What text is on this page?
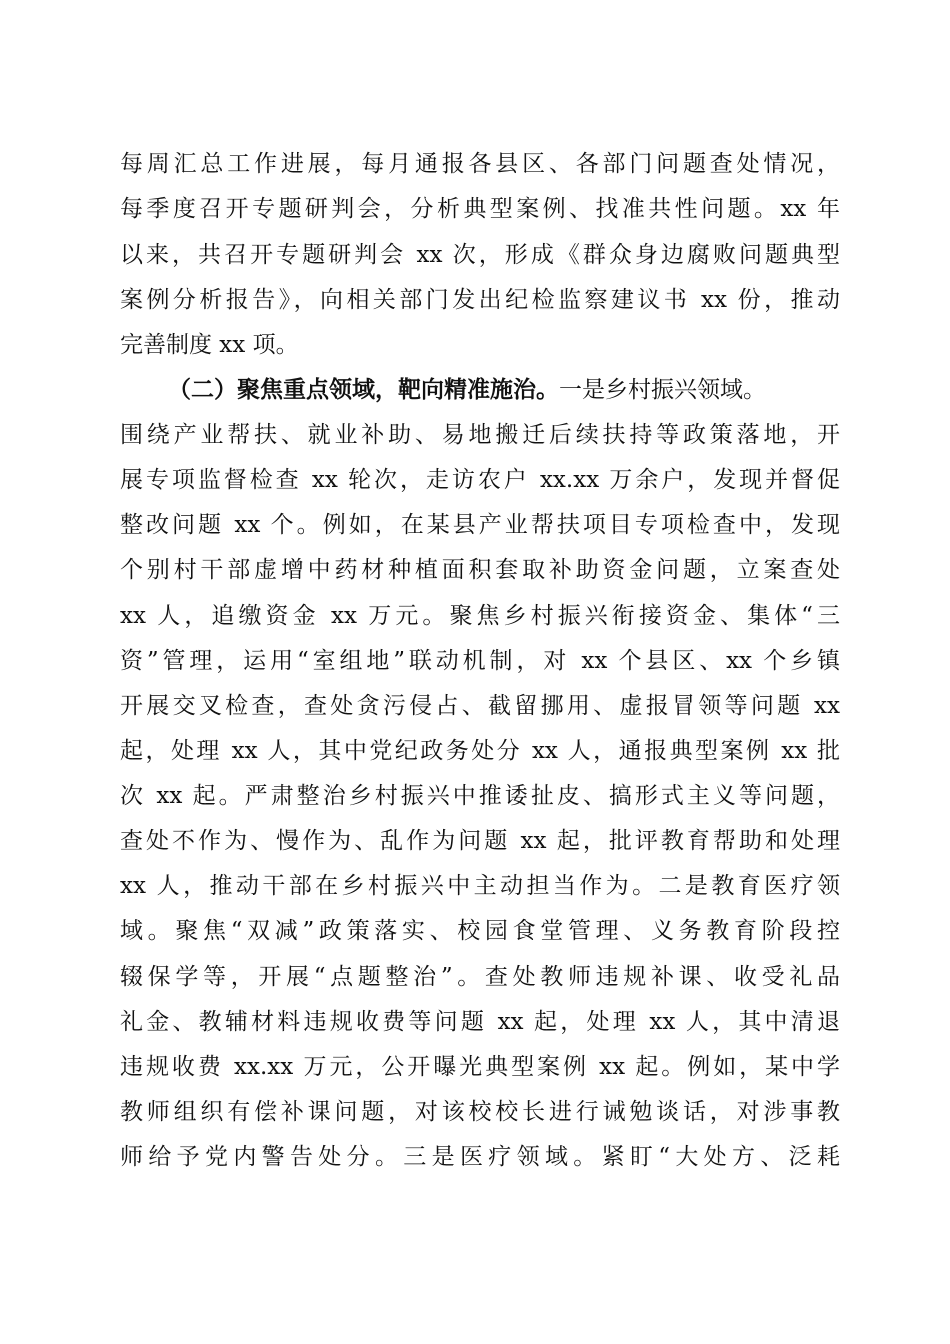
每周汇总工作进展，每月通报各县区、各部门问题查处情况，
每季度召开专题研判会，分析典型案例、找准共性问题。xx 年
以来，共召开专题研判会 xx 次，形成《群众身边腐败问题典型
案例分析报告》，向相关部门发出纪检监察建议书 xx 份，推动
完善制度 xx 项。
（二）聚焦重点领域，靶向精准施治。一是乡村振兴领域。
围绕产业帮扶、就业补助、易地搬迁后续扶持等政策落地，开
展专项监督检查 xx 轮次，走访农户 xx.xx 万余户，发现并督促
整改问题 xx 个。例如，在某县产业帮扶项目专项检查中，发现
个别村干部虚增中药材种植面积套取补助资金问题，立案查处
xx 人，追缴资金 xx 万元。聚焦乡村振兴衔接资金、集体“三
资”管理，运用“室组地”联动机制，对 xx 个县区、xx 个乡镇
开展交叉检查，查处贪污侵占、截留挪用、虚报冒领等问题 xx
起，处理 xx 人，其中党纪政务处分 xx 人，通报典型案例 xx 批
次 xx 起。严肃整治乡村振兴中推诿扯皮、搞形式主义等问题，
查处不作为、慢作为、乱作为问题 xx 起，批评教育帮助和处理
xx 人，推动干部在乡村振兴中主动担当作为。二是教育医疗领
域。聚焦“双减”政策落实、校园食堂管理、义务教育阶段控
辍保学等，开展“点题整治”。查处教师违规补课、收受礼品
礼金、教辅材料违规收费等问题 xx 起，处理 xx 人，其中清退
违规收费 xx.xx 万元，公开曝光典型案例 xx 起。例如，某中学
教师组织有偿补课问题，对该校校长进行诫勉谈话，对涉事教
师给予党内警告处分。三是医疗领域。紧盯“大处方、泛耗
